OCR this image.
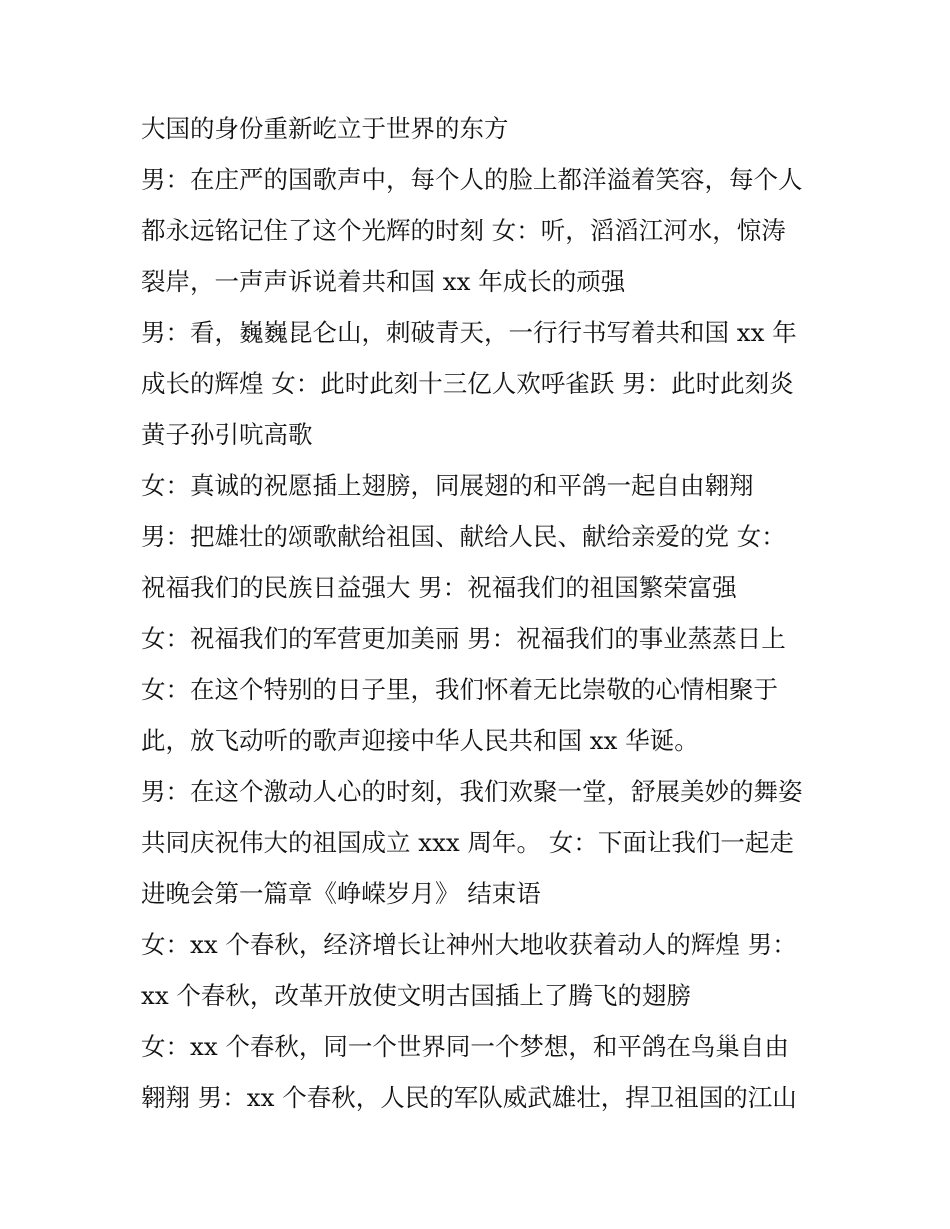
大国的身份重新屹立于世界的东方
男：在庄严的国歌声中，每个人的脸上都洋溢着笑容，每个人
都永远铭记住了这个光辉的时刻 女：听，滔滔江河水，惊涛
裂岸，一声声诉说着共和国 xx 年成长的顽强
男：看，巍巍昆仑山，刺破青天，一行行书写着共和国 xx 年
成长的辉煌 女：此时此刻十三亿人欢呼雀跃 男：此时此刻炎
黄子孙引吭高歌
女：真诚的祝愿插上翅膀，同展翅的和平鸽一起自由翱翔
男：把雄壮的颂歌献给祖国、献给人民、献给亲爱的党 女：
祝福我们的民族日益强大 男：祝福我们的祖国繁荣富强
女：祝福我们的军营更加美丽 男：祝福我们的事业蒸蒸日上
女：在这个特别的日子里，我们怀着无比崇敬的心情相聚于
此，放飞动听的歌声迎接中华人民共和国 xx 华诞。
男：在这个激动人心的时刻，我们欢聚一堂，舒展美妙的舞姿
共同庆祝伟大的祖国成立 xxx 周年。 女：下面让我们一起走
进晚会第一篇章《峥嵘岁月》 结束语
女：xx 个春秋，经济增长让神州大地收获着动人的辉煌 男：
xx 个春秋，改革开放使文明古国插上了腾飞的翅膀
女：xx 个春秋，同一个世界同一个梦想，和平鸽在鸟巢自由
翱翔 男：xx 个春秋，人民的军队威武雄壮，捍卫祖国的江山
